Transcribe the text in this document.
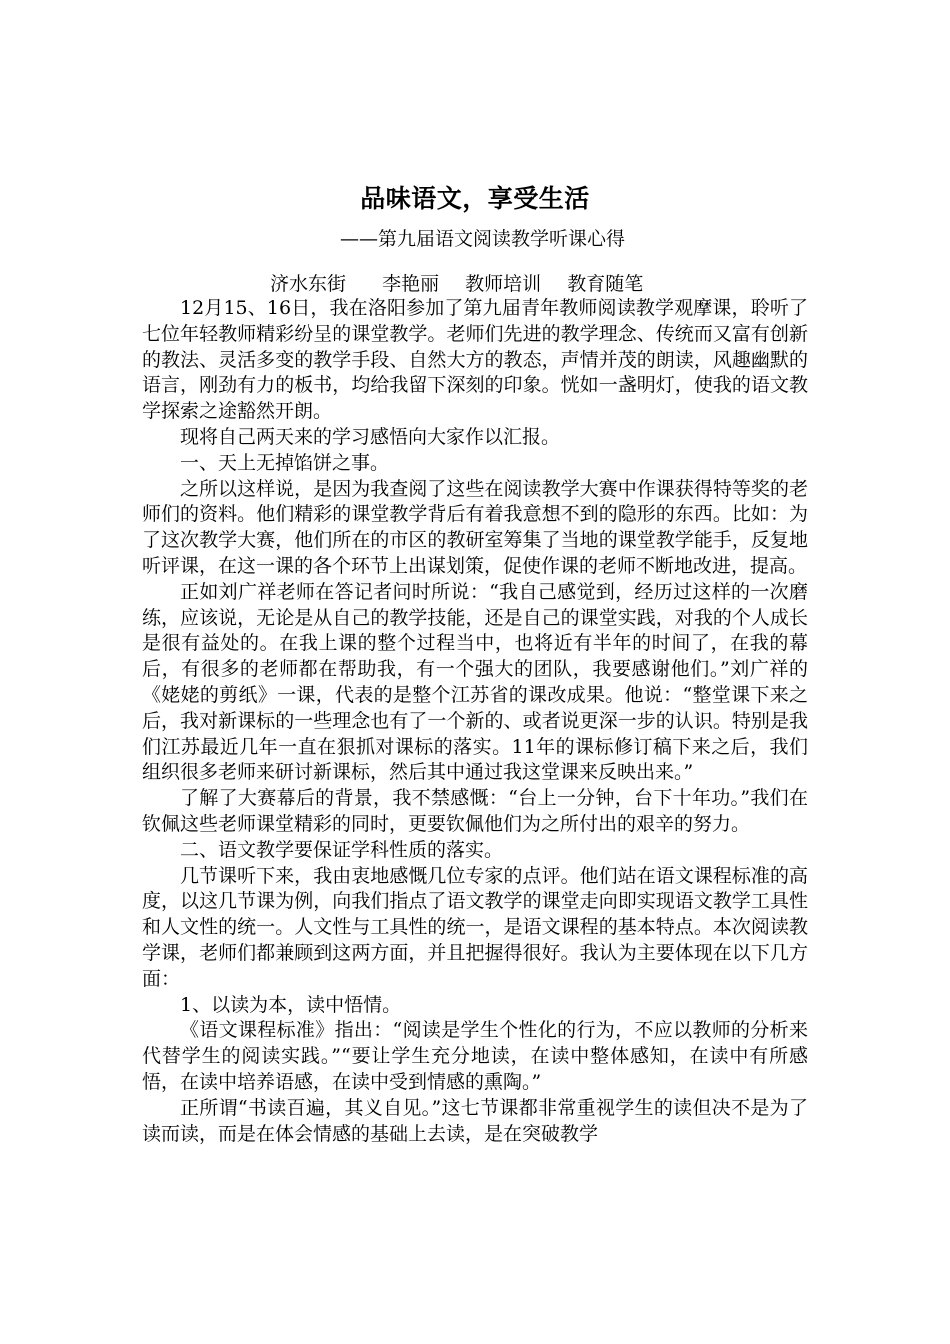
品味语文，享受生活
——第九届语文阅读教学听课心得
济水东街 李艳丽 教师培训 教育随笔

12月15、16日，我在洛阳参加了第九届青年教师阅读教学观摩课，聆听了七位年轻教师精彩纷呈的课堂教学。老师们先进的教学理念、传统而又富有创新的教法、灵活多变的教学手段、自然大方的教态，声情并茂的朗读，风趣幽默的语言，刚劲有力的板书，均给我留下深刻的印象。恍如一盏明灯，使我的语文教学探索之途豁然开朗。

现将自己两天来的学习感悟向大家作以汇报。

一、天上无掉馅饼之事。

之所以这样说，是因为我查阅了这些在阅读教学大赛中作课获得特等奖的老师们的资料。他们精彩的课堂教学背后有着我意想不到的隐形的东西。比如：为了这次教学大赛，他们所在的市区的教研室筹集了当地的课堂教学能手，反复地听评课，在这一课的各个环节上出谋划策，促使作课的老师不断地改进，提高。

正如刘广祥老师在答记者问时所说：“我自己感觉到，经历过这样的一次磨练，应该说，无论是从自己的教学技能，还是自己的课堂实践，对我的个人成长是很有益处的。在我上课的整个过程当中，也将近有半年的时间了，在我的幕后，有很多的老师都在帮助我，有一个强大的团队，我要感谢他们。”刘广祥的《姥姥的剪纸》一课，代表的是整个江苏省的课改成果。他说：“整堂课下来之后，我对新课标的一些理念也有了一个新的、或者说更深一步的认识。特别是我们江苏最近几年一直在狠抓对课标的落实。11年的课标修订稿下来之后，我们组织很多老师来研讨新课标，然后其中通过我这堂课来反映出来。”

了解了大赛幕后的背景，我不禁感慨：“台上一分钟，台下十年功。”我们在钦佩这些老师课堂精彩的同时，更要钦佩他们为之所付出的艰辛的努力。

二、语文教学要保证学科性质的落实。

几节课听下来，我由衷地感慨几位专家的点评。他们站在语文课程标准的高度，以这几节课为例，向我们指点了语文教学的课堂走向即实现语文教学工具性和人文性的统一。人文性与工具性的统一，是语文课程的基本特点。本次阅读教学课，老师们都兼顾到这两方面，并且把握得很好。我认为主要体现在以下几方面：

1、以读为本，读中悟情。

《语文课程标准》指出：“阅读是学生个性化的行为，不应以教师的分析来代替学生的阅读实践。”“要让学生充分地读，在读中整体感知，在读中有所感悟，在读中培养语感，在读中受到情感的熏陶。”

正所谓“书读百遍，其义自见。”这七节课都非常重视学生的读但决不是为了读而读，而是在体会情感的基础上去读，是在突破教学
